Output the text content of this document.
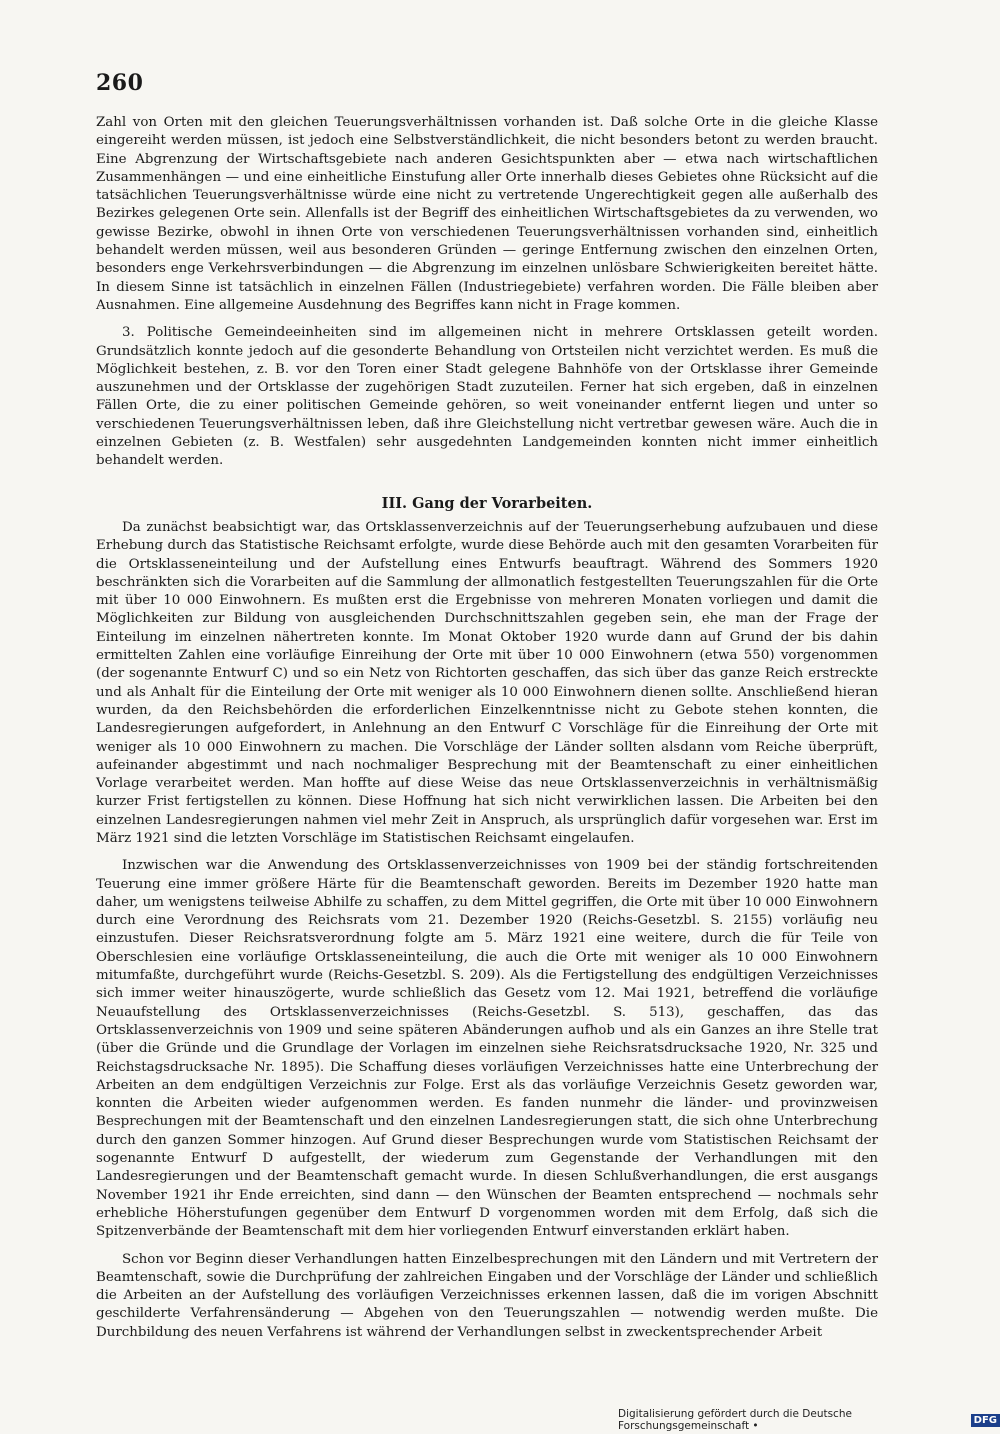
260

Zahl von Orten mit den gleichen Teuerungsverhältnissen vorhanden ist. Daß solche Orte in die gleiche Klasse eingereiht werden müssen, ist jedoch eine Selbstverständlichkeit, die nicht besonders betont zu werden braucht. Eine Abgrenzung der Wirtschaftsgebiete nach anderen Gesichtspunkten aber — etwa nach wirtschaftlichen Zusammenhängen — und eine einheitliche Einstufung aller Orte innerhalb dieses Gebietes ohne Rücksicht auf die tatsächlichen Teuerungsverhältnisse würde eine nicht zu vertretende Ungerechtigkeit gegen alle außerhalb des Bezirkes gelegenen Orte sein. Allenfalls ist der Begriff des einheitlichen Wirtschaftsgebietes da zu verwenden, wo gewisse Bezirke, obwohl in ihnen Orte von verschiedenen Teuerungsverhältnissen vorhanden sind, einheitlich behandelt werden müssen, weil aus besonderen Gründen — geringe Entfernung zwischen den einzelnen Orten, besonders enge Verkehrsverbindungen — die Abgrenzung im einzelnen unlösbare Schwierigkeiten bereitet hätte. In diesem Sinne ist tatsächlich in einzelnen Fällen (Industriegebiete) verfahren worden. Die Fälle bleiben aber Ausnahmen. Eine allgemeine Ausdehnung des Begriffes kann nicht in Frage kommen.

3. Politische Gemeindeeinheiten sind im allgemeinen nicht in mehrere Ortsklassen geteilt worden. Grundsätzlich konnte jedoch auf die gesonderte Behandlung von Ortsteilen nicht verzichtet werden. Es muß die Möglichkeit bestehen, z. B. vor den Toren einer Stadt gelegene Bahnhöfe von der Ortsklasse ihrer Gemeinde auszunehmen und der Ortsklasse der zugehörigen Stadt zuzuteilen. Ferner hat sich ergeben, daß in einzelnen Fällen Orte, die zu einer politischen Gemeinde gehören, so weit voneinander entfernt liegen und unter so verschiedenen Teuerungsverhältnissen leben, daß ihre Gleichstellung nicht vertretbar gewesen wäre. Auch die in einzelnen Gebieten (z. B. Westfalen) sehr ausgedehnten Landgemeinden konnten nicht immer einheitlich behandelt werden.

III. Gang der Vorarbeiten.

Da zunächst beabsichtigt war, das Ortsklassenverzeichnis auf der Teuerungserhebung aufzubauen und diese Erhebung durch das Statistische Reichsamt erfolgte, wurde diese Behörde auch mit den gesamten Vorarbeiten für die Ortsklasseneinteilung und der Aufstellung eines Entwurfs beauftragt. Während des Sommers 1920 beschränkten sich die Vorarbeiten auf die Sammlung der allmonatlich festgestellten Teuerungszahlen für die Orte mit über 10 000 Einwohnern. Es mußten erst die Ergebnisse von mehreren Monaten vorliegen und damit die Möglichkeiten zur Bildung von ausgleichenden Durchschnittszahlen gegeben sein, ehe man der Frage der Einteilung im einzelnen nähertreten konnte. Im Monat Oktober 1920 wurde dann auf Grund der bis dahin ermittelten Zahlen eine vorläufige Einreihung der Orte mit über 10 000 Einwohnern (etwa 550) vorgenommen (der sogenannte Entwurf C) und so ein Netz von Richtorten geschaffen, das sich über das ganze Reich erstreckte und als Anhalt für die Einteilung der Orte mit weniger als 10 000 Einwohnern dienen sollte. Anschließend hieran wurden, da den Reichsbehörden die erforderlichen Einzelkenntnisse nicht zu Gebote stehen konnten, die Landesregierungen aufgefordert, in Anlehnung an den Entwurf C Vorschläge für die Einreihung der Orte mit weniger als 10 000 Einwohnern zu machen. Die Vorschläge der Länder sollten alsdann vom Reiche überprüft, aufeinander abgestimmt und nach nochmaliger Besprechung mit der Beamtenschaft zu einer einheitlichen Vorlage verarbeitet werden. Man hoffte auf diese Weise das neue Ortsklassenverzeichnis in verhältnismäßig kurzer Frist fertigstellen zu können. Diese Hoffnung hat sich nicht verwirklichen lassen. Die Arbeiten bei den einzelnen Landesregierungen nahmen viel mehr Zeit in Anspruch, als ursprünglich dafür vorgesehen war. Erst im März 1921 sind die letzten Vorschläge im Statistischen Reichsamt eingelaufen.

Inzwischen war die Anwendung des Ortsklassenverzeichnisses von 1909 bei der ständig fortschreitenden Teuerung eine immer größere Härte für die Beamtenschaft geworden. Bereits im Dezember 1920 hatte man daher, um wenigstens teilweise Abhilfe zu schaffen, zu dem Mittel gegriffen, die Orte mit über 10 000 Einwohnern durch eine Verordnung des Reichsrats vom 21. Dezember 1920 (Reichs-Gesetzbl. S. 2155) vorläufig neu einzustufen. Dieser Reichsratsverordnung folgte am 5. März 1921 eine weitere, durch die für Teile von Oberschlesien eine vorläufige Ortsklasseneinteilung, die auch die Orte mit weniger als 10 000 Einwohnern mitumfaßte, durchgeführt wurde (Reichs-Gesetzbl. S. 209). Als die Fertigstellung des endgültigen Verzeichnisses sich immer weiter hinauszögerte, wurde schließlich das Gesetz vom 12. Mai 1921, betreffend die vorläufige Neuaufstellung des Ortsklassenverzeichnisses (Reichs-Gesetzbl. S. 513), geschaffen, das das Ortsklassenverzeichnis von 1909 und seine späteren Abänderungen aufhob und als ein Ganzes an ihre Stelle trat (über die Gründe und die Grundlage der Vorlagen im einzelnen siehe Reichsratsdrucksache 1920, Nr. 325 und Reichstagsdrucksache Nr. 1895). Die Schaffung dieses vorläufigen Verzeichnisses hatte eine Unterbrechung der Arbeiten an dem endgültigen Verzeichnis zur Folge. Erst als das vorläufige Verzeichnis Gesetz geworden war, konnten die Arbeiten wieder aufgenommen werden. Es fanden nunmehr die länder- und provinzweisen Besprechungen mit der Beamtenschaft und den einzelnen Landesregierungen statt, die sich ohne Unterbrechung durch den ganzen Sommer hinzogen. Auf Grund dieser Besprechungen wurde vom Statistischen Reichsamt der sogenannte Entwurf D aufgestellt, der wiederum zum Gegenstande der Verhandlungen mit den Landesregierungen und der Beamtenschaft gemacht wurde. In diesen Schlußverhandlungen, die erst ausgangs November 1921 ihr Ende erreichten, sind dann — den Wünschen der Beamten entsprechend — nochmals sehr erhebliche Höherstufungen gegenüber dem Entwurf D vorgenommen worden mit dem Erfolg, daß sich die Spitzenverbände der Beamtenschaft mit dem hier vorliegenden Entwurf einverstanden erklärt haben.

Schon vor Beginn dieser Verhandlungen hatten Einzelbesprechungen mit den Ländern und mit Vertretern der Beamtenschaft, sowie die Durchprüfung der zahlreichen Eingaben und der Vorschläge der Länder und schließlich die Arbeiten an der Aufstellung des vorläufigen Verzeichnisses erkennen lassen, daß die im vorigen Abschnitt geschilderte Verfahrensänderung — Abgehen von den Teuerungszahlen — notwendig werden mußte. Die Durchbildung des neuen Verfahrens ist während der Verhandlungen selbst in zweckentsprechender Arbeit

Digitalisierung gefördert durch die Deutsche Forschungsgemeinschaft •	DFG
